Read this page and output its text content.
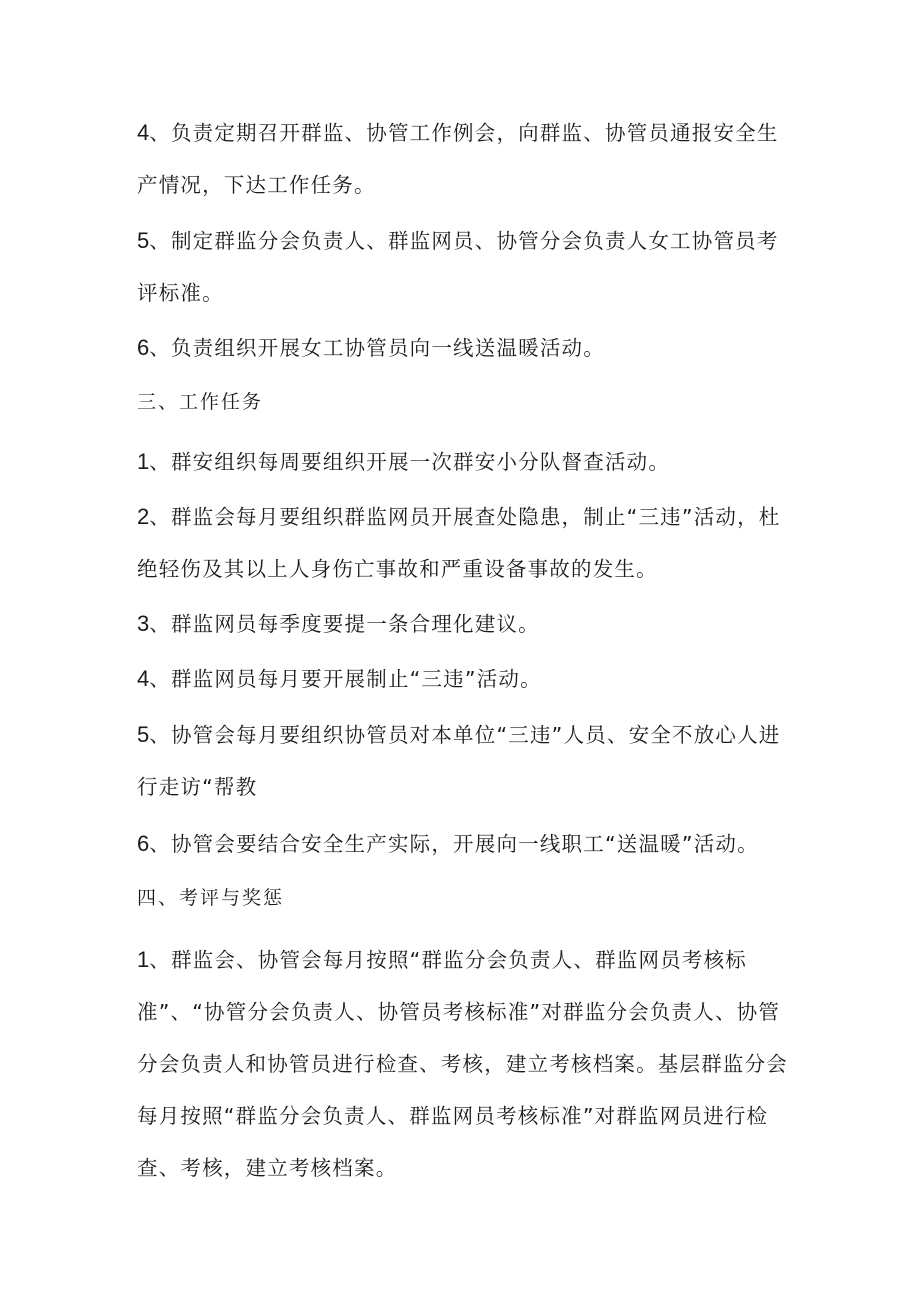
4、负责定期召开群监、协管工作例会，向群监、协管员通报安全生产情况，下达工作任务。

5、制定群监分会负责人、群监网员、协管分会负责人女工协管员考评标准。

6、负责组织开展女工协管员向一线送温暖活动。

三、工作任务

1、群安组织每周要组织开展一次群安小分队督查活动。

2、群监会每月要组织群监网员开展查处隐患，制止“三违”活动，杜绝轻伤及其以上人身伤亡事故和严重设备事故的发生。

3、群监网员每季度要提一条合理化建议。

4、群监网员每月要开展制止“三违”活动。

5、协管会每月要组织协管员对本单位“三违”人员、安全不放心人进行走访“帮教

6、协管会要结合安全生产实际，开展向一线职工“送温暖”活动。

四、考评与奖惩

1、群监会、协管会每月按照“群监分会负责人、群监网员考核标准”、“协管分会负责人、协管员考核标准”对群监分会负责人、协管分会负责人和协管员进行检查、考核，建立考核档案。基层群监分会每月按照“群监分会负责人、群监网员考核标准”对群监网员进行检查、考核，建立考核档案。
